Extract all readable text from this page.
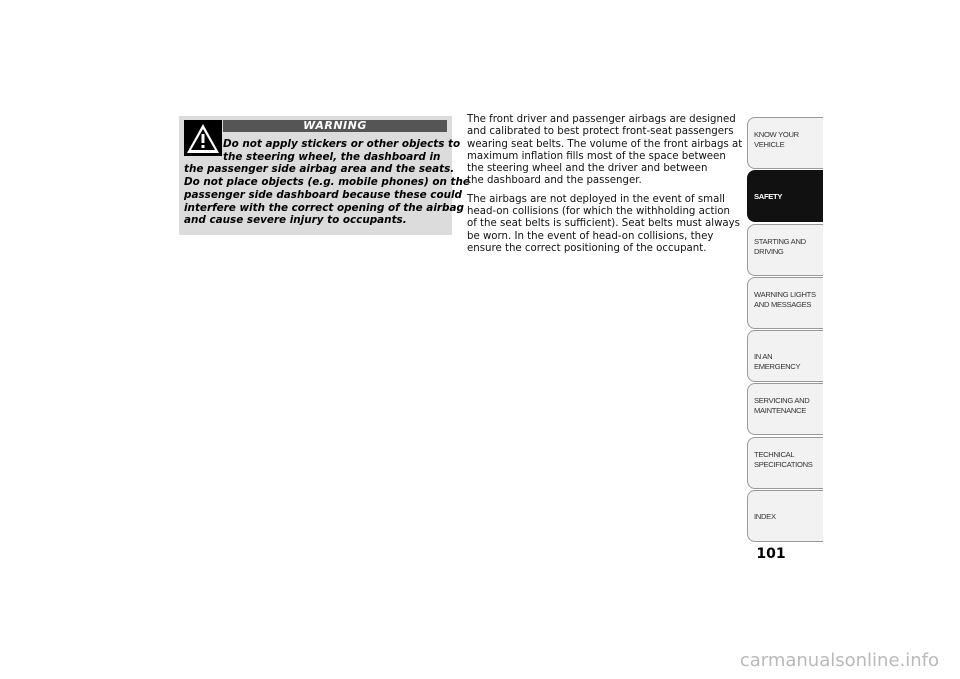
WARNING
Do not apply stickers or other objects to
the steering wheel, the dashboard in
the passenger side airbag area and the seats.
Do not place objects (e.g. mobile phones) on the
passenger side dashboard because these could
interfere with the correct opening of the airbag
and cause severe injury to occupants.

The front driver and passenger airbags are designed
and calibrated to best protect front-seat passengers
wearing seat belts. The volume of the front airbags at
maximum inflation fills most of the space between
the steering wheel and the driver and between
the dashboard and the passenger.

The airbags are not deployed in the event of small
head-on collisions (for which the withholding action
of the seat belts is sufficient). Seat belts must always
be worn. In the event of head-on collisions, they
ensure the correct positioning of the occupant.

KNOW YOUR
VEHICLE
SAFETY
STARTING AND
DRIVING
WARNING LIGHTS
AND MESSAGES
IN AN EMERGENCY
SERVICING AND
MAINTENANCE
TECHNICAL
SPECIFICATIONS
INDEX
101
carmanualsonline.info
